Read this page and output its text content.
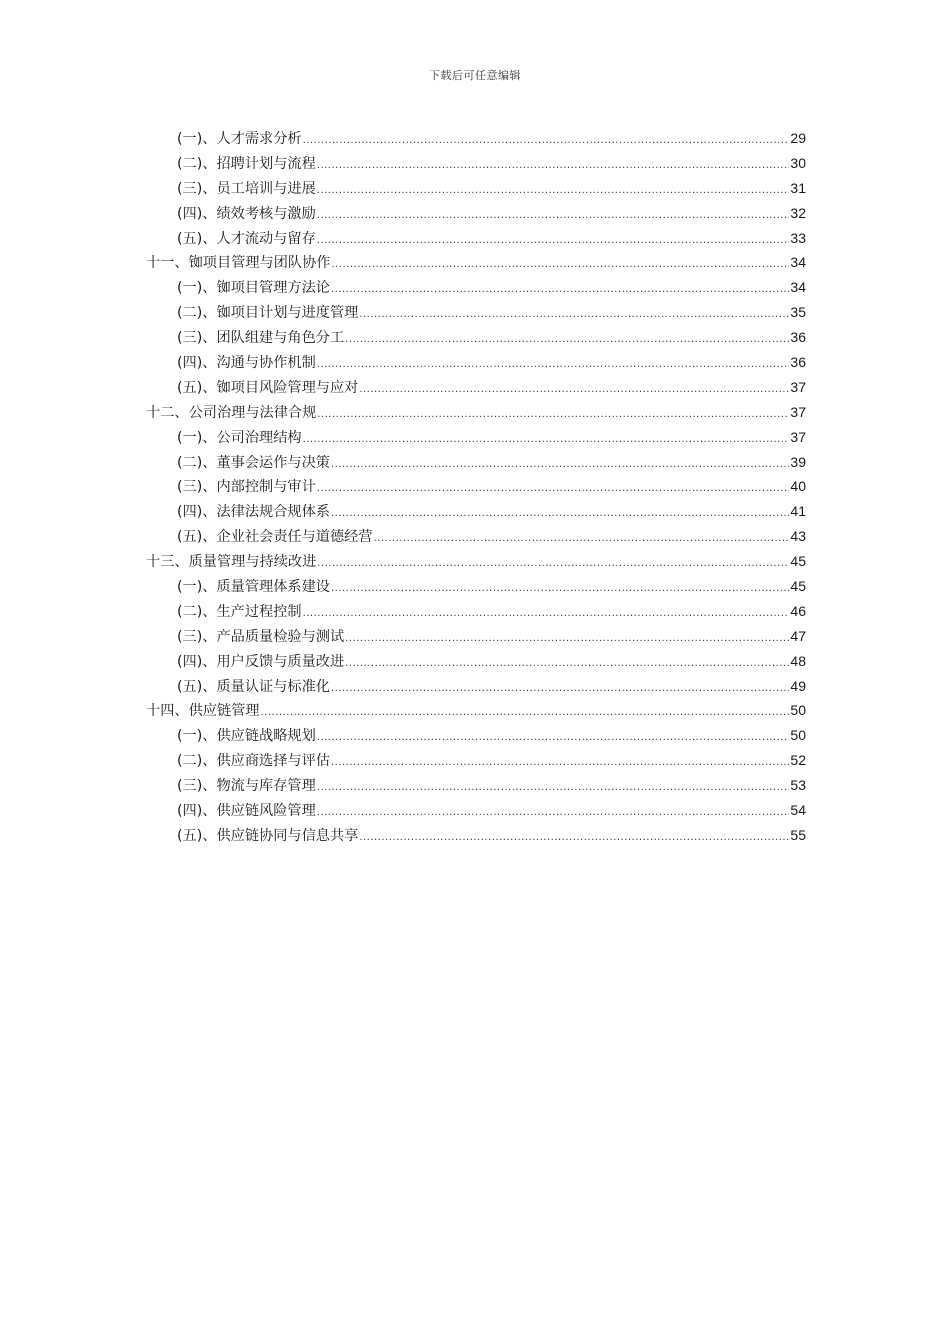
下载后可任意编辑
(一)、人才需求分析 .....	29
(二)、招聘计划与流程 .....	30
(三)、员工培训与进展 .....	31
(四)、绩效考核与激励 .....	32
(五)、人才流动与留存 .....	33
十一、铷项目管理与团队协作 .....	34
(一)、铷项目管理方法论 .....	34
(二)、铷项目计划与进度管理 .....	35
(三)、团队组建与角色分工 .....	36
(四)、沟通与协作机制 .....	36
(五)、铷项目风险管理与应对 .....	37
十二、公司治理与法律合规 .....	37
(一)、公司治理结构 .....	37
(二)、董事会运作与决策 .....	39
(三)、内部控制与审计 .....	40
(四)、法律法规合规体系 .....	41
(五)、企业社会责任与道德经营 .....	43
十三、质量管理与持续改进 .....	45
(一)、质量管理体系建设 .....	45
(二)、生产过程控制 .....	46
(三)、产品质量检验与测试 .....	47
(四)、用户反馈与质量改进 .....	48
(五)、质量认证与标准化 .....	49
十四、供应链管理 .....	50
(一)、供应链战略规划 .....	50
(二)、供应商选择与评估 .....	52
(三)、物流与库存管理 .....	53
(四)、供应链风险管理 .....	54
(五)、供应链协同与信息共享 .....	55
